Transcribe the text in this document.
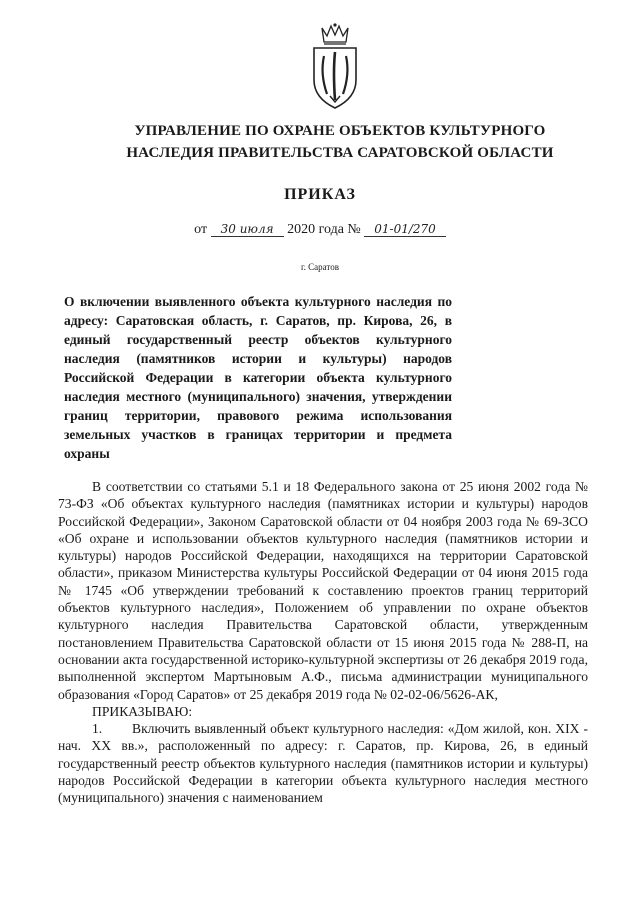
УПРАВЛЕНИЕ ПО ОХРАНЕ ОБЪЕКТОВ КУЛЬТУРНОГО
НАСЛЕДИЯ ПРАВИТЕЛЬСТВА САРАТОВСКОЙ ОБЛАСТИ
ПРИКАЗ
от 30 июля 2020 года № 01-01/270
г. Саратов
О включении выявленного объекта культурного наследия по адресу: Саратовская область, г. Саратов, пр. Кирова, 26, в единый государственный реестр объектов культурного наследия (памятников истории и культуры) народов Российской Федерации в категории объекта культурного наследия местного (муниципального) значения, утверждении границ территории, правового режима использования земельных участков в границах территории и предмета охраны

В соответствии со статьями 5.1 и 18 Федерального закона от 25 июня 2002 года № 73-ФЗ «Об объектах культурного наследия (памятниках истории и культуры) народов Российской Федерации», Законом Саратовской области от 04 ноября 2003 года № 69-ЗСО «Об охране и использовании объектов культурного наследия (памятников истории и культуры) народов Российской Федерации, находящихся на территории Саратовской области», приказом Министерства культуры Российской Федерации от 04 июня 2015 года № 1745 «Об утверждении требований к составлению проектов границ территорий объектов культурного наследия», Положением об управлении по охране объектов культурного наследия Правительства Саратовской области, утвержденным постановлением Правительства Саратовской области от 15 июня 2015 года № 288-П, на основании акта государственной историко-культурной экспертизы от 26 декабря 2019 года, выполненной экспертом Мартыновым А.Ф., письма администрации муниципального образования «Город Саратов» от 25 декабря 2019 года № 02-02-06/5626-АК,

ПРИКАЗЫВАЮ:

1. Включить выявленный объект культурного наследия: «Дом жилой, кон. XIX - нач. XX вв.», расположенный по адресу: г. Саратов, пр. Кирова, 26, в единый государственный реестр объектов культурного наследия (памятников истории и культуры) народов Российской Федерации в категории объекта культурного наследия местного (муниципального) значения с наименованием
